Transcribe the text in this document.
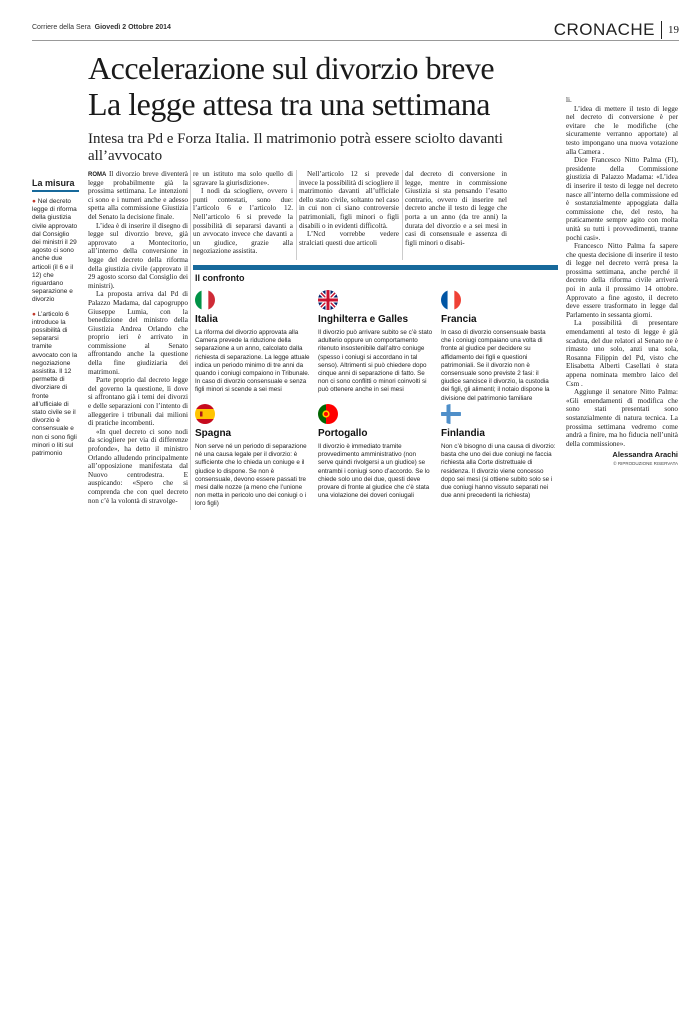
Corriere della Sera Giovedì 2 Ottobre 2014	CRONACHE 19
Accelerazione sul divorzio breve
La legge attesa tra una settimana
Intesa tra Pd e Forza Italia. Il matrimonio potrà essere sciolto davanti all’avvocato
La misura

● Nel decreto legge di riforma della giustizia civile approvato dal Consiglio dei ministri il 29 agosto ci sono anche due articoli (il 6 e il 12) che riguardano separazione e divorzio

● L’articolo 6 introduce la possibilità di separarsi tramite avvocato con la negoziazione assistita. Il 12 permette di divorziare di fronte all’ufficiale di stato civile se il divorzio è consensuale e non ci sono figli minori o liti sul patrimonio

ROMA Il divorzio breve diventerà legge probabilmente già la prossima settimana. Le intenzioni ci sono e i numeri anche e adesso spetta alla commissione Giustizia del Senato la decisione finale.

L’idea è di inserire il disegno di legge sul divorzio breve, già approvato a Montecitorio, all’interno della conversione in legge del decreto della riforma della giustizia civile (approvato il 29 agosto scorso dal Consiglio dei ministri).

La proposta arriva dal Pd di Palazzo Madama, dal capogruppo Giuseppe Lumia, con la benedizione del ministro della Giustizia Andrea Orlando che proprio ieri è arrivato in commissione al Senato affrontando anche la questione della fine giudiziaria dei matrimoni.

Parte proprio dal decreto legge del governo la questione, lì dove si affrontano già i temi dei divorzi e delle separazioni con l’intento di alleggerire i tribunali dai milioni di pratiche incombenti.

«In quel decreto ci sono nodi da sciogliere per via di differenze profonde», ha detto il ministro Orlando alludendo principalmente all’opposizione manifestata dal Nuovo centrodestra. E auspicando: «Spero che si comprenda che con quel decreto non c’è la volontà di stravolge-

re un istituto ma solo quello di sgravare la giurisdizione».

I nodi da sciogliere, ovvero i punti contestati, sono due: l’articolo 6 e l’articolo 12. Nell’articolo 6 si prevede la possibilità di separarsi davanti a un avvocato invece che davanti a un giudice, grazie alla negoziazione assistita.

Nell’articolo 12 si prevede invece la possibilità di sciogliere il matrimonio davanti all’ufficiale dello stato civile, soltanto nel caso in cui non ci siano controversie patrimoniali, figli minori o figli disabili o in evidenti difficoltà.

L’Ncd vorrebbe vedere stralciati questi due articoli

dal decreto di conversione in legge, mentre in commissione Giustizia si sta pensando l’esatto contrario, ovvero di inserire nel decreto anche il testo di legge che porta a un anno (da tre anni) la durata del divorzio e a sei mesi in casi di consensuale e assenza di figli minori o disabi-

Il confronto
Italia
La riforma del divorzio approvata alla Camera prevede la riduzione della separazione a un anno, calcolato dalla richiesta di separazione. La legge attuale indica un periodo minimo di tre anni da quando i coniugi compaiono in Tribunale. In caso di divorzio consensuale e senza figli minori si scende a sei mesi
Inghilterra e Galles
Il divorzio può arrivare subito se c’è stato adulterio oppure un comportamento ritenuto insostenibile dall’altro coniuge (spesso i coniugi si accordano in tal senso). Altrimenti si può chiedere dopo cinque anni di separazione di fatto. Se non ci sono conflitti o minori coinvolti si può ottenere anche in sei mesi
Francia
In caso di divorzio consensuale basta che i coniugi compaiano una volta di fronte al giudice per decidere su affidamento dei figli e questioni patrimoniali. Se il divorzio non è consensuale sono previste 2 fasi: il giudice sancisce il divorzio, la custodia dei figli, gli alimenti; il notaio dispone la divisione del patrimonio familiare
Spagna
Non serve né un periodo di separazione né una causa legale per il divorzio: è sufficiente che lo chieda un coniuge e il giudice lo dispone. Se non è consensuale, devono essere passati tre mesi dalle nozze (a meno che l’unione non metta in pericolo uno dei coniugi o i loro figli)
Portogallo
Il divorzio è immediato tramite provvedimento amministrativo (non serve quindi rivolgersi a un giudice) se entrambi i coniugi sono d’accordo. Se lo chiede solo uno dei due, questi deve provare di fronte al giudice che c’è stata una violazione dei doveri coniugali
Finlandia
Non c’è bisogno di una causa di divorzio: basta che uno dei due coniugi ne faccia richiesta alla Corte distrettuale di residenza. Il divorzio viene concesso dopo sei mesi (si ottiene subito solo se i due coniugi hanno vissuto separati nei due anni precedenti la richiesta)

li.

L’idea di mettere il testo di legge nel decreto di conversione è per evitare che le modifiche (che sicuramente verranno apportate) al testo impongano una nuova votazione alla Camera .

Dice Francesco Nitto Palma (FI), presidente della Commissione giustizia di Palazzo Madama: «L’idea di inserire il testo di legge nel decreto nasce all’interno della commissione ed è sostanzialmente appoggiata dalla commissione che, del resto, ha praticamente sempre agito con molta unità su tutti i provvedimenti, tranne pochi casi».

Francesco Nitto Palma fa sapere che questa decisione di inserire il testo di legge nel decreto verrà presa la prossima settimana, anche perché il decreto della riforma civile arriverà poi in aula il prossimo 14 ottobre. Approvato a fine agosto, il decreto deve essere trasformato in legge dal Parlamento in sessanta giorni.

La possibilità di presentare emendamenti al testo di legge è già scaduta, del due relatori al Senato ne è rimasto uno solo, anzi una sola, Rosanna Filippin del Pd, visto che Elisabetta Alberti Casellati è stata appena nominata membro laico del Csm .

Aggiunge il senatore Nitto Palma: «Gli emendamenti di modifica che sono stati presentati sono sostanzialmente di natura tecnica. La prossima settimana vedremo come andrà a finire, ma ho fiducia nell’unità della commissione».

Alessandra Arachi
© RIPRODUZIONE RISERVATA
